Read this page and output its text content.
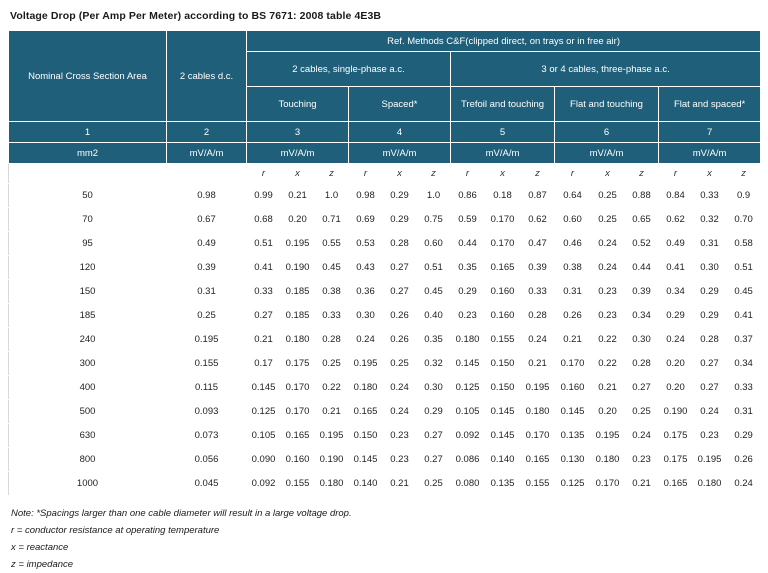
Voltage Drop (Per Amp Per Meter) according to BS 7671: 2008 table 4E3B
Nominal Cross Section Area	2 cables d.c.	Ref. Methods C&F(clipped direct, on trays or in free air)														
		2 cables, single-phase a.c.						3 or 4 cables, three-phase a.c.								
		Touching			Spaced*			Trefoil and touching			Flat and touching			Flat and spaced*		
1	2	3			4			5			6			7		
mm2	mV/A/m	mV/A/m			mV/A/m			mV/A/m			mV/A/m			mV/A/m		
		r	x	z	r	x	z	r	x	z	r	x	z	r	x	z
50	0.98	0.99	0.21	1.0	0.98	0.29	1.0	0.86	0.18	0.87	0.64	0.25	0.88	0.84	0.33	0.9
70	0.67	0.68	0.20	0.71	0.69	0.29	0.75	0.59	0.170	0.62	0.60	0.25	0.65	0.62	0.32	0.70
95	0.49	0.51	0.195	0.55	0.53	0.28	0.60	0.44	0.170	0.47	0.46	0.24	0.52	0.49	0.31	0.58
120	0.39	0.41	0.190	0.45	0.43	0.27	0.51	0.35	0.165	0.39	0.38	0.24	0.44	0.41	0.30	0.51
150	0.31	0.33	0.185	0.38	0.36	0.27	0.45	0.29	0.160	0.33	0.31	0.23	0.39	0.34	0.29	0.45
185	0.25	0.27	0.185	0.33	0.30	0.26	0.40	0.23	0.160	0.28	0.26	0.23	0.34	0.29	0.29	0.41
240	0.195	0.21	0.180	0.28	0.24	0.26	0.35	0.180	0.155	0.24	0.21	0.22	0.30	0.24	0.28	0.37
300	0.155	0.17	0.175	0.25	0.195	0.25	0.32	0.145	0.150	0.21	0.170	0.22	0.28	0.20	0.27	0.34
400	0.115	0.145	0.170	0.22	0.180	0.24	0.30	0.125	0.150	0.195	0.160	0.21	0.27	0.20	0.27	0.33
500	0.093	0.125	0.170	0.21	0.165	0.24	0.29	0.105	0.145	0.180	0.145	0.20	0.25	0.190	0.24	0.31
630	0.073	0.105	0.165	0.195	0.150	0.23	0.27	0.092	0.145	0.170	0.135	0.195	0.24	0.175	0.23	0.29
800	0.056	0.090	0.160	0.190	0.145	0.23	0.27	0.086	0.140	0.165	0.130	0.180	0.23	0.175	0.195	0.26
1000	0.045	0.092	0.155	0.180	0.140	0.21	0.25	0.080	0.135	0.155	0.125	0.170	0.21	0.165	0.180	0.24
Note: *Spacings larger than one cable diameter will result in a large voltage drop.
r = conductor resistance at operating temperature
x = reactance
z = impedance
